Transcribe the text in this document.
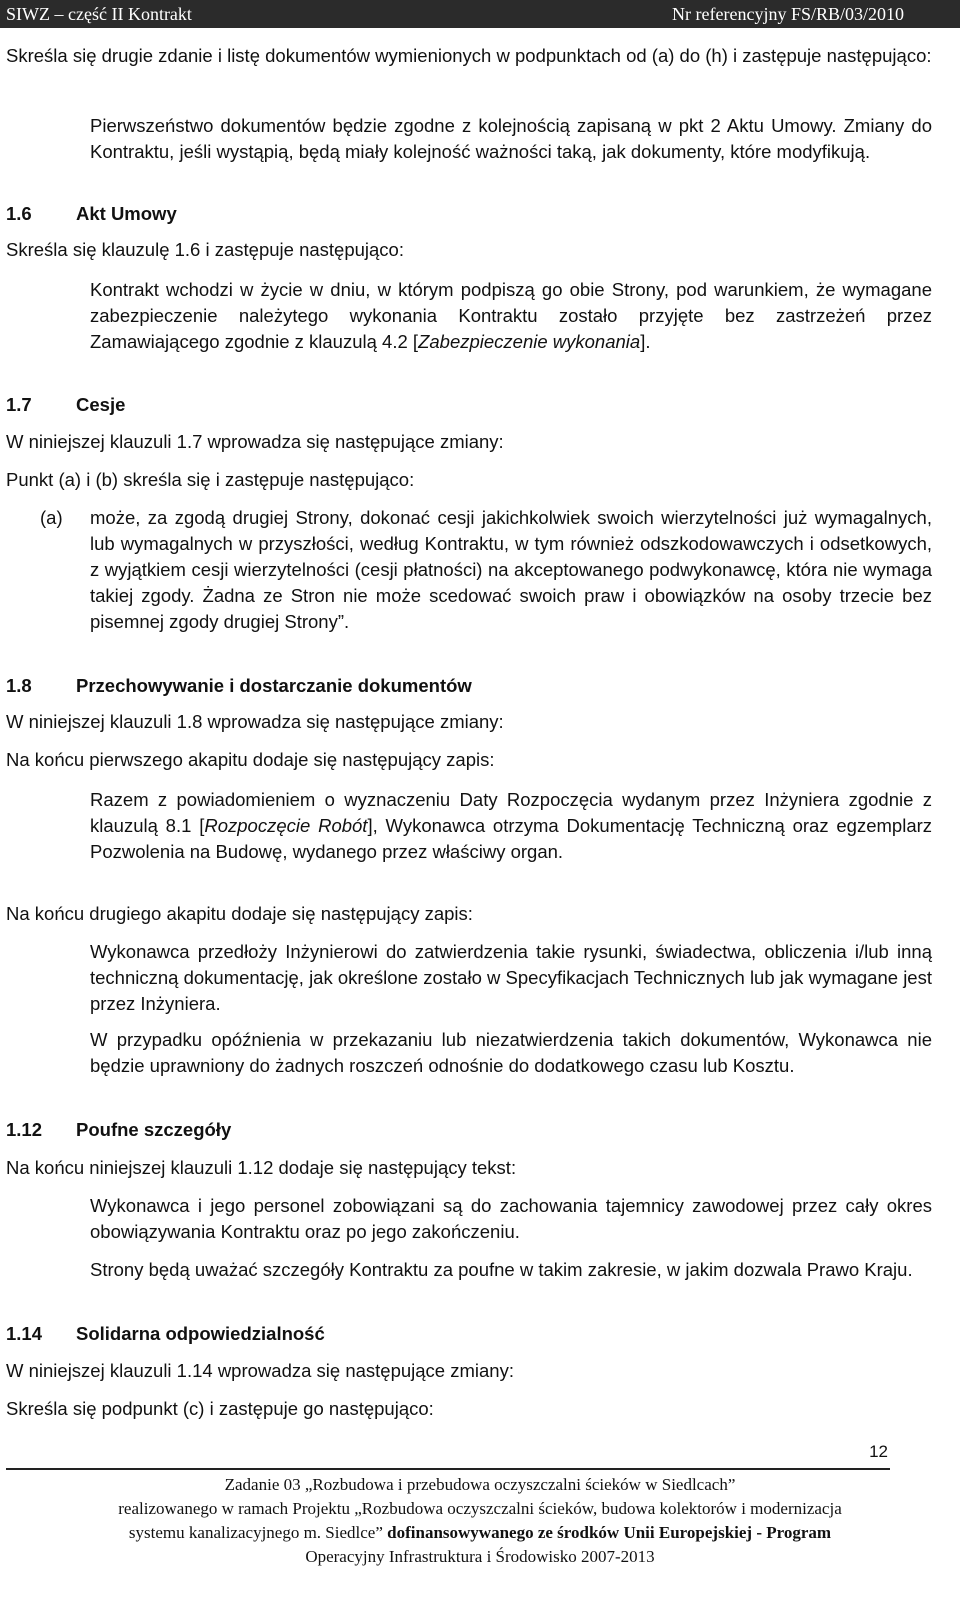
SIWZ – część II Kontrakt	Nr referencyjny FS/RB/03/2010

Skreśla się drugie zdanie i listę dokumentów wymienionych w podpunktach od (a) do (h) i zastępuje następująco:

Pierwszeństwo dokumentów będzie zgodne z kolejnością zapisaną w pkt 2 Aktu Umowy. Zmiany do Kontraktu, jeśli wystąpią, będą miały kolejność ważności taką, jak dokumenty, które modyfikują.

1.6 Akt Umowy

Skreśla się klauzulę 1.6 i zastępuje następująco:

Kontrakt wchodzi w życie w dniu, w którym podpiszą go obie Strony, pod warunkiem, że wymagane zabezpieczenie należytego wykonania Kontraktu zostało przyjęte bez zastrzeżeń przez Zamawiającego zgodnie z klauzulą 4.2 [Zabezpieczenie wykonania].

1.7 Cesje

W niniejszej klauzuli 1.7 wprowadza się następujące zmiany:

Punkt (a) i (b) skreśla się i zastępuje następująco:

(a) może, za zgodą drugiej Strony, dokonać cesji jakichkolwiek swoich wierzytelności już wymagalnych, lub wymagalnych w przyszłości, według Kontraktu, w tym również odszkodowawczych i odsetkowych, z wyjątkiem cesji wierzytelności (cesji płatności) na akceptowanego podwykonawcę, która nie wymaga takiej zgody. Żadna ze Stron nie może scedować swoich praw i obowiązków na osoby trzecie bez pisemnej zgody drugiej Strony”.

1.8 Przechowywanie i dostarczanie dokumentów

W niniejszej klauzuli 1.8 wprowadza się następujące zmiany:

Na końcu pierwszego akapitu dodaje się następujący zapis:

Razem z powiadomieniem o wyznaczeniu Daty Rozpoczęcia wydanym przez Inżyniera zgodnie z klauzulą 8.1 [Rozpoczęcie Robót], Wykonawca otrzyma Dokumentację Techniczną oraz egzemplarz Pozwolenia na Budowę, wydanego przez właściwy organ.

Na końcu drugiego akapitu dodaje się następujący zapis:

Wykonawca przedłoży Inżynierowi do zatwierdzenia takie rysunki, świadectwa, obliczenia i/lub inną techniczną dokumentację, jak określone zostało w Specyfikacjach Technicznych lub jak wymagane jest przez Inżyniera.

W przypadku opóźnienia w przekazaniu lub niezatwierdzenia takich dokumentów, Wykonawca nie będzie uprawniony do żadnych roszczeń odnośnie do dodatkowego czasu lub Kosztu.

1.12 Poufne szczegóły

Na końcu niniejszej klauzuli 1.12 dodaje się następujący tekst:

Wykonawca i jego personel zobowiązani są do zachowania tajemnicy zawodowej przez cały okres obowiązywania Kontraktu oraz po jego zakończeniu.

Strony będą uważać szczegóły Kontraktu za poufne w takim zakresie, w jakim dozwala Prawo Kraju.

1.14 Solidarna odpowiedzialność

W niniejszej klauzuli 1.14 wprowadza się następujące zmiany:

Skreśla się podpunkt (c) i zastępuje go następująco:

12
Zadanie 03 „Rozbudowa i przebudowa oczyszczalni ścieków w Siedlcach”
realizowanego w ramach Projektu „Rozbudowa oczyszczalni ścieków, budowa kolektorów i modernizacja
systemu kanalizacyjnego m. Siedlce” dofinansowywanego ze środków Unii Europejskiej - Program
Operacyjny Infrastruktura i Środowisko 2007-2013
